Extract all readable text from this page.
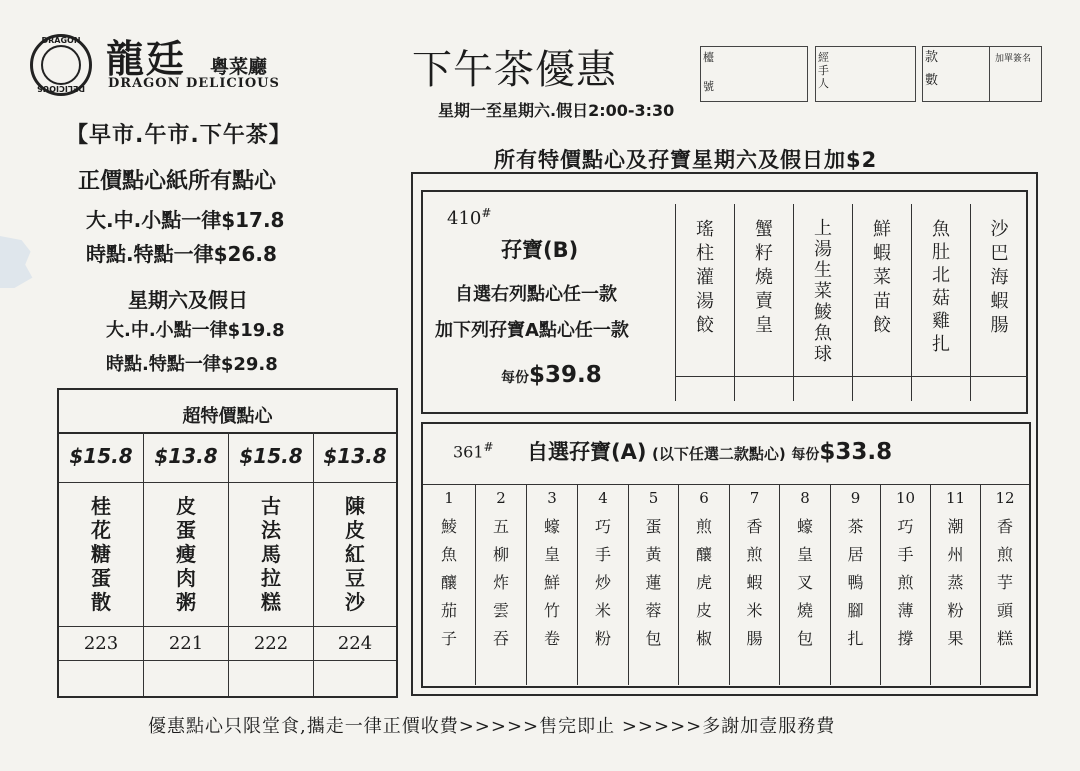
DRAGON
DELICIOUS
龍廷 粵菜廳
DRAGON DELICIOUS	下午茶優惠
星期一至星期六.假日2:00-3:30
所有特價點心及孖寶星期六及假日加$2
檯
號
經
手
人
款
數
加單簽名
【早市.午市.下午茶】
正價點心紙所有點心
大.中.小點一律$17.8
時點.特點一律$26.8
星期六及假日
大.中.小點一律$19.8
時點.特點一律$29.8
超特價點心
$15.8
桂
花
糖
蛋
散
223
$13.8
皮
蛋
瘦
肉
粥
221
$15.8
古
法
馬
拉
糕
222
$13.8
陳
皮
紅
豆
沙
224
410#
孖寶(B)
自選右列點心任一款
加下列孖寶A點心任一款
每份$39.8
瑤
柱
灌
湯
餃
蟹
籽
燒
賣
皇
上
湯
生
菜
鯪
魚
球
鮮
蝦
菜
苗
餃
魚
肚
北
菇
雞
扎
沙
巴
海
蝦
腸
361# 自選孖寶(A) (以下任選二款點心) 每份$33.8
1
鯪
魚
釀
茄
子
2
五
柳
炸
雲
吞
3
蠔
皇
鮮
竹
卷
4
巧
手
炒
米
粉
5
蛋
黃
蓮
蓉
包
6
煎
釀
虎
皮
椒
7
香
煎
蝦
米
腸
8
蠔
皇
叉
燒
包
9
茶
居
鴨
腳
扎
10
巧
手
煎
薄
撐
11
潮
州
蒸
粉
果
12
香
煎
芋
頭
糕
優惠點心只限堂食,攜走一律正價收費>>>>>售完即止 >>>>>多謝加壹服務費
